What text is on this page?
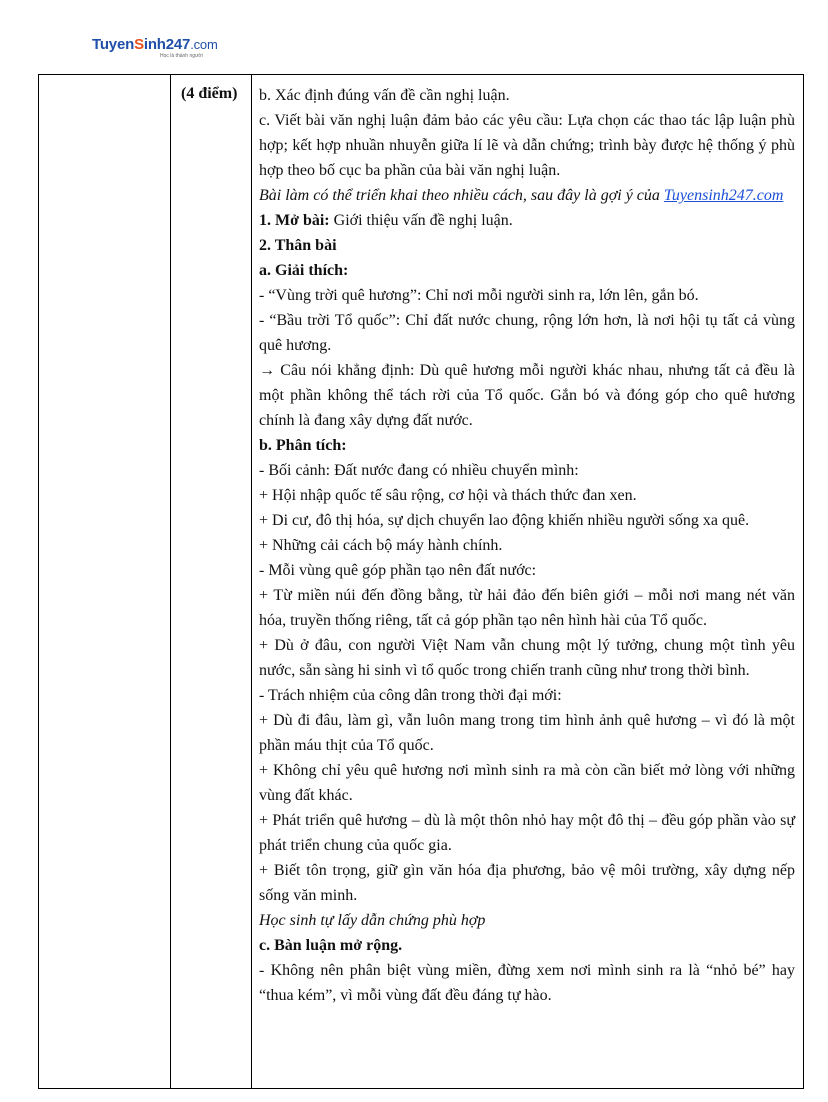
TuyenSinh247.com
Học là thành người

(4 điểm)	b. Xác định đúng vấn đề cần nghị luận.

c. Viết bài văn nghị luận đảm bảo các yêu cầu: Lựa chọn các thao tác lập luận phù hợp; kết hợp nhuần nhuyễn giữa lí lẽ và dẫn chứng; trình bày được hệ thống ý phù hợp theo bố cục ba phần của bài văn nghị luận.

Bài làm có thể triển khai theo nhiều cách, sau đây là gợi ý của Tuyensinh247.com

1. Mở bài: Giới thiệu vấn đề nghị luận.

2. Thân bài

a. Giải thích:

- “Vùng trời quê hương”: Chỉ nơi mỗi người sinh ra, lớn lên, gắn bó.

- “Bầu trời Tổ quốc”: Chỉ đất nước chung, rộng lớn hơn, là nơi hội tụ tất cả vùng quê hương.

→ Câu nói khẳng định: Dù quê hương mỗi người khác nhau, nhưng tất cả đều là một phần không thể tách rời của Tổ quốc. Gắn bó và đóng góp cho quê hương chính là đang xây dựng đất nước.

b. Phân tích:

- Bối cảnh: Đất nước đang có nhiều chuyển mình:

+ Hội nhập quốc tế sâu rộng, cơ hội và thách thức đan xen.

+ Di cư, đô thị hóa, sự dịch chuyển lao động khiến nhiều người sống xa quê.

+ Những cải cách bộ máy hành chính.

- Mỗi vùng quê góp phần tạo nên đất nước:

+ Từ miền núi đến đồng bằng, từ hải đảo đến biên giới – mỗi nơi mang nét văn hóa, truyền thống riêng, tất cả góp phần tạo nên hình hài của Tổ quốc.

+ Dù ở đâu, con người Việt Nam vẫn chung một lý tưởng, chung một tình yêu nước, sẵn sàng hi sinh vì tổ quốc trong chiến tranh cũng như trong thời bình.

- Trách nhiệm của công dân trong thời đại mới:

+ Dù đi đâu, làm gì, vẫn luôn mang trong tim hình ảnh quê hương – vì đó là một phần máu thịt của Tổ quốc.

+ Không chỉ yêu quê hương nơi mình sinh ra mà còn cần biết mở lòng với những vùng đất khác.

+ Phát triển quê hương – dù là một thôn nhỏ hay một đô thị – đều góp phần vào sự phát triển chung của quốc gia.

+ Biết tôn trọng, giữ gìn văn hóa địa phương, bảo vệ môi trường, xây dựng nếp sống văn minh.

Học sinh tự lấy dẫn chứng phù hợp

c. Bàn luận mở rộng.

- Không nên phân biệt vùng miền, đừng xem nơi mình sinh ra là “nhỏ bé” hay “thua kém”, vì mỗi vùng đất đều đáng tự hào.
